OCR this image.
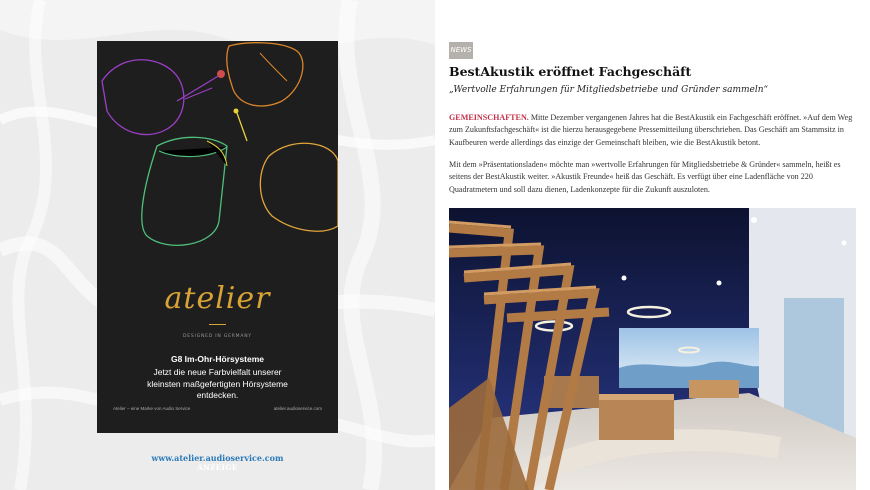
atelier
DESIGNED IN GERMANY
G8 Im-Ohr-Hörsysteme
Jetzt die neue Farbvielfalt unserer kleinsten maßgefertigten Hörsysteme entdecken.
Atelier – eine Marke von Audio Service	atelier.audioservice.com
www.atelier.audioservice.com
ANZEIGE
NEWS
BestAkustik eröffnet Fachgeschäft
„Wertvolle Erfahrungen für Mitgliedsbetriebe und Gründer sammeln“

GEMEINSCHAFTEN. Mitte Dezember vergangenen Jahres hat die BestAkustik ein Fachgeschäft eröffnet. »Auf dem Weg zum Zukunftsfachgeschäft« ist die hierzu herausgegebene Pressemitteilung überschrieben. Das Geschäft am Stammsitz in Kaufbeuren werde allerdings das einzige der Gemeinschaft bleiben, wie die BestAkustik betont.

Mit dem »Präsentationsladen« möchte man »wertvolle Erfahrungen für Mitgliedsbetriebe & Gründer« sammeln, heißt es seitens der BestAkustik weiter. »Akustik Freunde« heiß das Geschäft. Es verfügt über eine Ladenfläche von 220 Quadratmetern und soll dazu dienen, Ladenkonzepte für die Zukunft auszuloten.
